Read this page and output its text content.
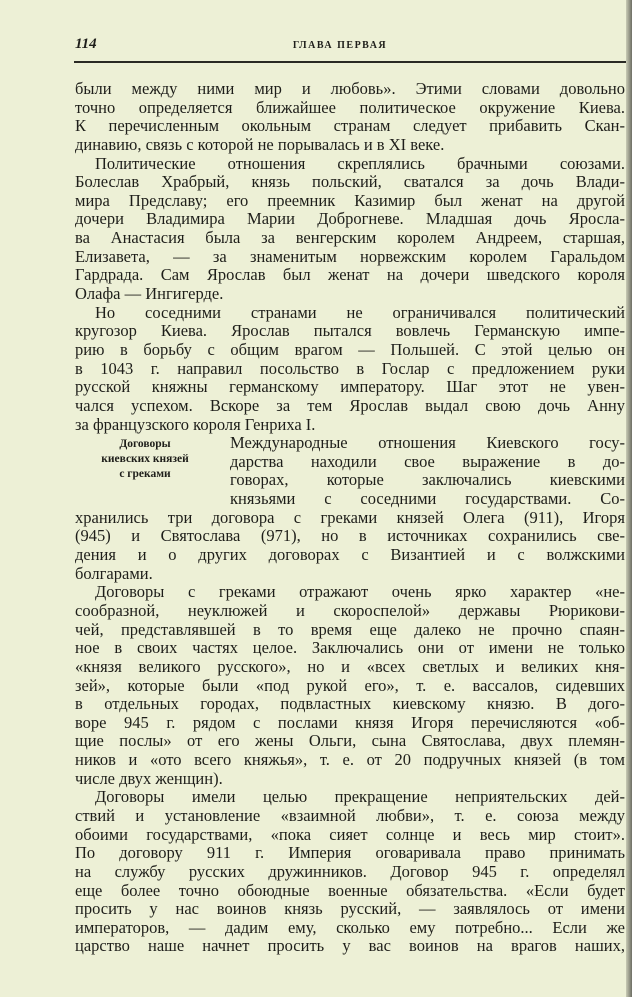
114	ГЛАВА ПЕРВАЯ
Договоры
киевских князей
с греками
были между ними мир и любовь». Этими словами довольно
точно определяется ближайшее политическое окружение Киева.
К перечисленным окольным странам следует прибавить Скан-
динавию, связь с которой не порывалась и в XI веке.
Политические отношения скреплялись брачными союзами.
Болеслав Храбрый, князь польский, сватался за дочь Влади-
мира Предславу; его преемник Казимир был женат на другой
дочери Владимира Марии Доброгневе. Младшая дочь Яросла-
ва Анастасия была за венгерским королем Андреем, старшая,
Елизавета, — за знаменитым норвежским королем Гаральдом
Гардрада. Сам Ярослав был женат на дочери шведского короля
Олафа — Ингигерде.
Но соседними странами не ограничивался политический
кругозор Киева. Ярослав пытался вовлечь Германскую импе-
рию в борьбу с общим врагом — Польшей. С этой целью он
в 1043 г. направил посольство в Гослар с предложением руки
русской княжны германскому императору. Шаг этот не увен-
чался успехом. Вскоре за тем Ярослав выдал свою дочь Анну
за французского короля Генриха I.
Международные отношения Киевского госу-
дарства находили свое выражение в до-
говорах, которые заключались киевскими
князьями с соседними государствами. Со-
хранились три договора с греками князей Олега (911), Игоря
(945) и Святослава (971), но в источниках сохранились све-
дения и о других договорах с Византией и с волжскими
болгарами.
Договоры с греками отражают очень ярко характер «не-
сообразной, неуклюжей и скороспелой» державы Рюрикови-
чей, представлявшей в то время еще далеко не прочно спаян-
ное в своих частях целое. Заключались они от имени не только
«князя великого русского», но и «всех светлых и великих кня-
зей», которые были «под рукой его», т. е. вассалов, сидевших
в отдельных городах, подвластных киевскому князю. В дого-
воре 945 г. рядом с послами князя Игоря перечисляются «об-
щие послы» от его жены Ольги, сына Святослава, двух племян-
ников и «ото всего княжья», т. е. от 20 подручных князей (в том
числе двух женщин).
Договоры имели целью прекращение неприятельских дей-
ствий и установление «взаимной любви», т. е. союза между
обоими государствами, «пока сияет солнце и весь мир стоит».
По договору 911 г. Империя оговаривала право принимать
на службу русских дружинников. Договор 945 г. определял
еще более точно обоюдные военные обязательства. «Если будет
просить у нас воинов князь русский, — заявлялось от имени
императоров, — дадим ему, сколько ему потребно... Если же
царство наше начнет просить у вас воинов на врагов наших,
